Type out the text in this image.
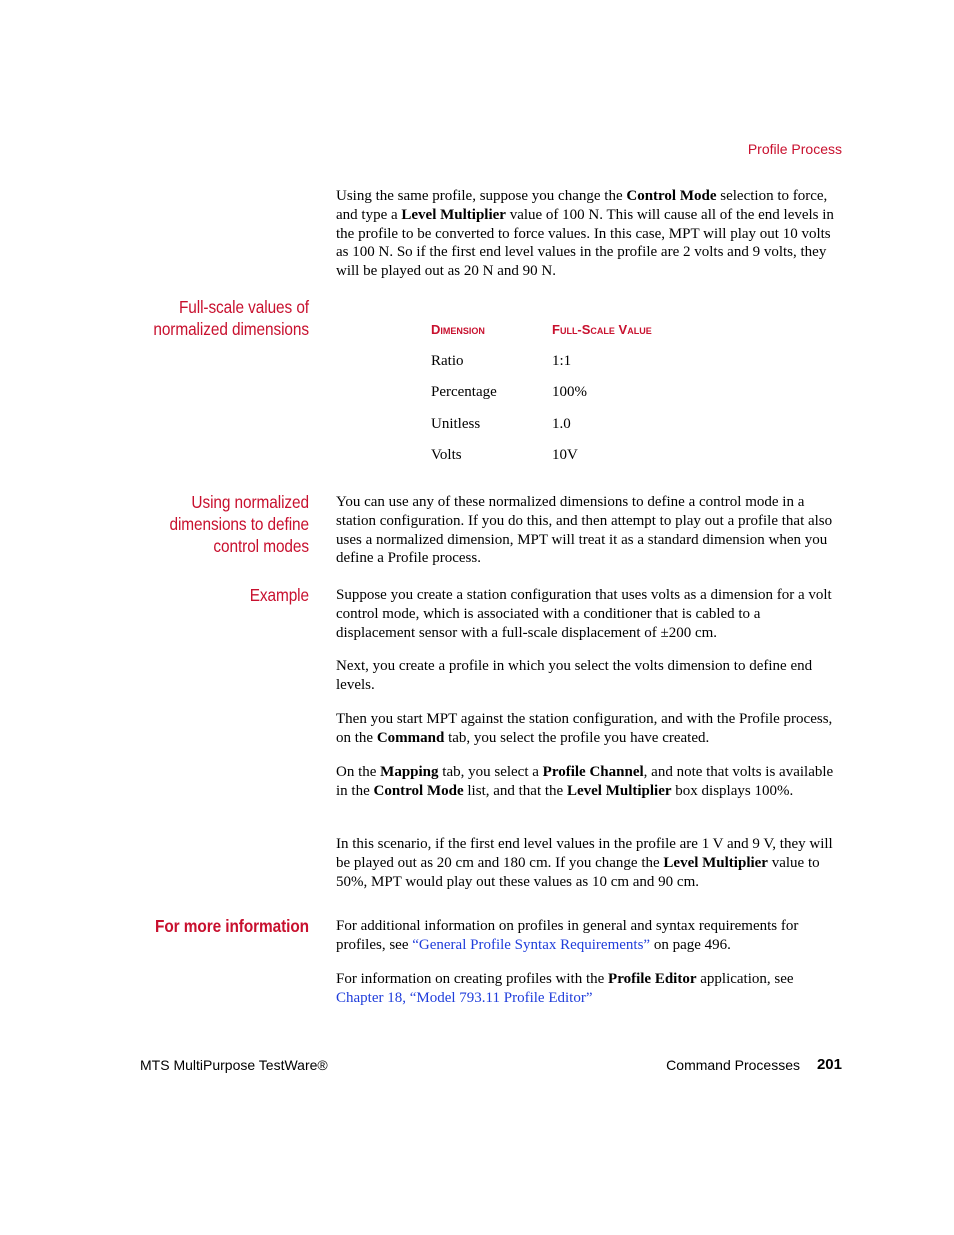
Profile Process

Using the same profile, suppose you change the Control Mode selection to force, and type a Level Multiplier value of 100 N. This will cause all of the end levels in the profile to be converted to force values. In this case, MPT will play out 10 volts as 100 N. So if the first end level values in the profile are 2 volts and 9 volts, they will be played out as 20 N and 90 N.

Full-scale values of
normalized dimensions	Dimension	Full-Scale Value
Ratio	1:1
Percentage	100%
Unitless	1.0
Volts	10V
Using normalized
dimensions to define
control modes

You can use any of these normalized dimensions to define a control mode in a station configuration. If you do this, and then attempt to play out a profile that also uses a normalized dimension, MPT will treat it as a standard dimension when you define a Profile process.

Example Suppose you create a station configuration that uses volts as a dimension for a volt control mode, which is associated with a conditioner that is cabled to a displacement sensor with a full-scale displacement of ±200 cm.

Next, you create a profile in which you select the volts dimension to define end levels.

Then you start MPT against the station configuration, and with the Profile process, on the Command tab, you select the profile you have created.

On the Mapping tab, you select a Profile Channel, and note that volts is available in the Control Mode list, and that the Level Multiplier box displays 100%.

In this scenario, if the first end level values in the profile are 1 V and 9 V, they will be played out as 20 cm and 180 cm. If you change the Level Multiplier value to 50%, MPT would play out these values as 10 cm and 90 cm.

For more information For additional information on profiles in general and syntax requirements for profiles, see “General Profile Syntax Requirements” on page 496.

For information on creating profiles with the Profile Editor application, see Chapter 18, “Model 793.11 Profile Editor”

MTS MultiPurpose TestWare®	Command Processes	201
